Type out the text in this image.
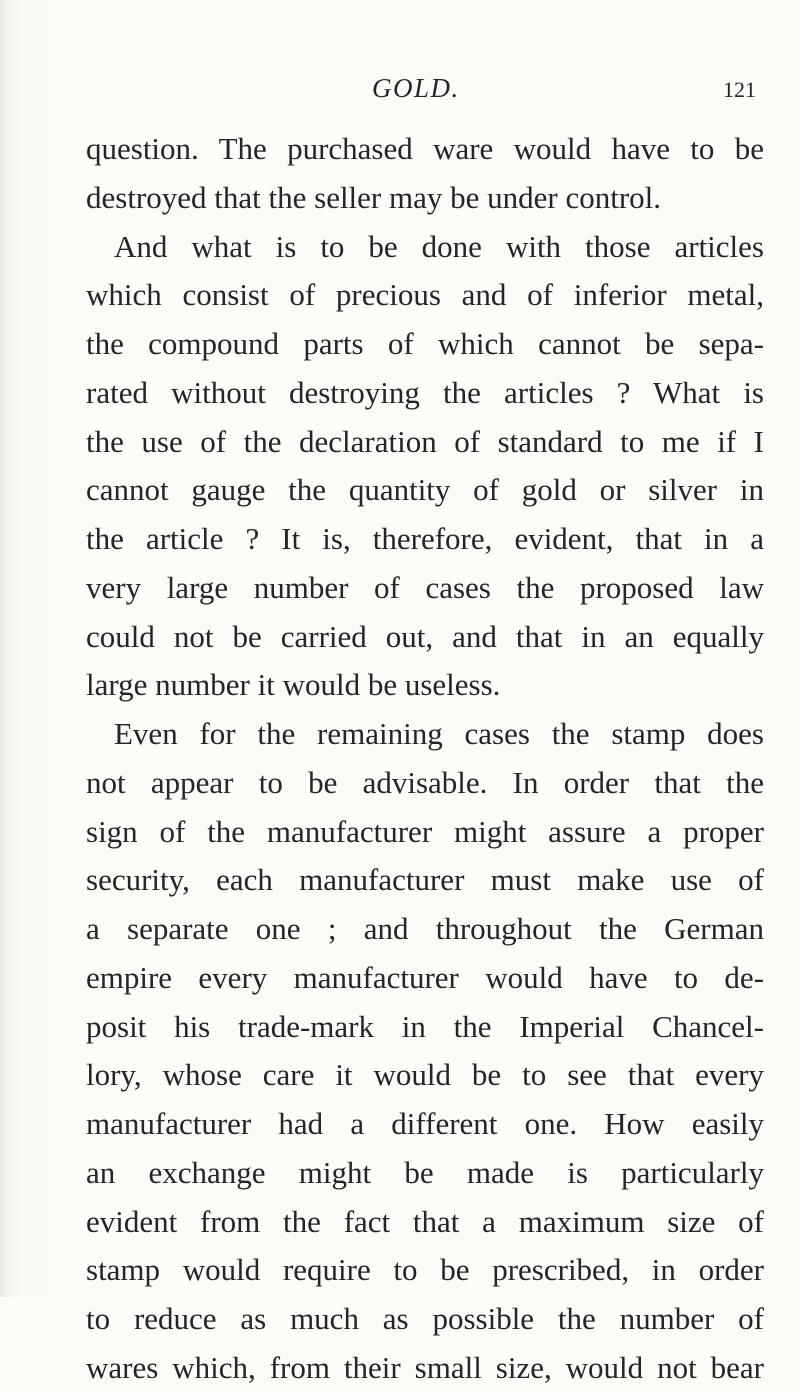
GOLD.	121
question. The purchased ware would have to be
destroyed that the seller may be under control.
And what is to be done with those articles
which consist of precious and of inferior metal,
the compound parts of which cannot be sepa-
rated without destroying the articles ? What is
the use of the declaration of standard to me if I
cannot gauge the quantity of gold or silver in
the article ? It is, therefore, evident, that in a
very large number of cases the proposed law
could not be carried out, and that in an equally
large number it would be useless.
Even for the remaining cases the stamp does
not appear to be advisable. In order that the
sign of the manufacturer might assure a proper
security, each manufacturer must make use of
a separate one ; and throughout the German
empire every manufacturer would have to de-
posit his trade-mark in the Imperial Chancel-
lory, whose care it would be to see that every
manufacturer had a different one. How easily
an exchange might be made is particularly
evident from the fact that a maximum size of
stamp would require to be prescribed, in order
to reduce as much as possible the number of
wares which, from their small size, would not bear
